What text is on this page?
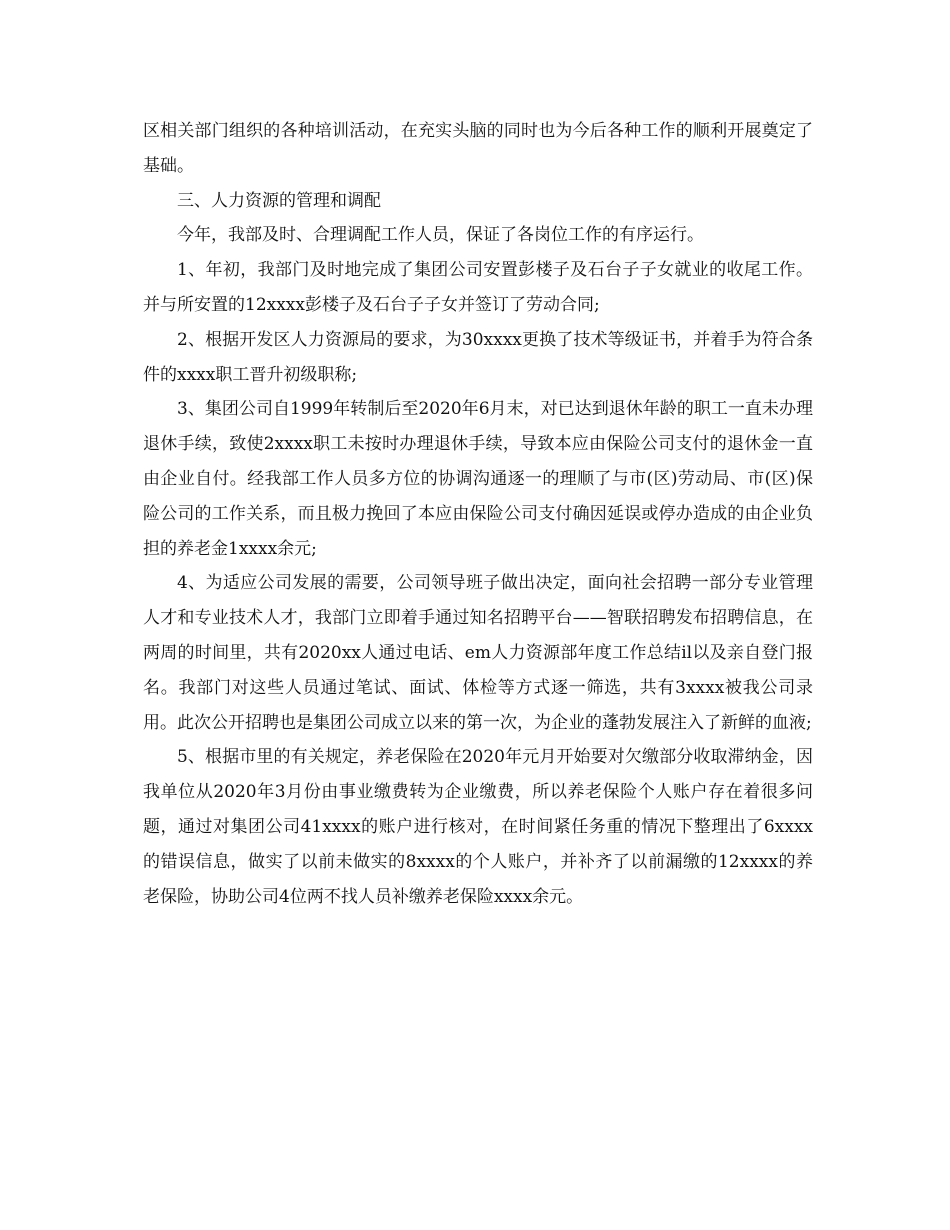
区相关部门组织的各种培训活动，在充实头脑的同时也为今后各种工作的顺利开展奠定了基础。

三、人力资源的管理和调配

今年，我部及时、合理调配工作人员，保证了各岗位工作的有序运行。

1、年初，我部门及时地完成了集团公司安置彭楼子及石台子子女就业的收尾工作。并与所安置的12xxxx彭楼子及石台子子女并签订了劳动合同;

2、根据开发区人力资源局的要求，为30xxxx更换了技术等级证书，并着手为符合条件的xxxx职工晋升初级职称;

3、集团公司自1999年转制后至2020年6月末，对已达到退休年龄的职工一直未办理退休手续，致使2xxxx职工未按时办理退休手续，导致本应由保险公司支付的退休金一直由企业自付。经我部工作人员多方位的协调沟通逐一的理顺了与市(区)劳动局、市(区)保险公司的工作关系，而且极力挽回了本应由保险公司支付确因延误或停办造成的由企业负担的养老金1xxxx余元;

4、为适应公司发展的需要，公司领导班子做出决定，面向社会招聘一部分专业管理人才和专业技术人才，我部门立即着手通过知名招聘平台——智联招聘发布招聘信息，在两周的时间里，共有2020xx人通过电话、em人力资源部年度工作总结il以及亲自登门报名。我部门对这些人员通过笔试、面试、体检等方式逐一筛选，共有3xxxx被我公司录用。此次公开招聘也是集团公司成立以来的第一次，为企业的蓬勃发展注入了新鲜的血液;

5、根据市里的有关规定，养老保险在2020年元月开始要对欠缴部分收取滞纳金，因我单位从2020年3月份由事业缴费转为企业缴费，所以养老保险个人账户存在着很多问题，通过对集团公司41xxxx的账户进行核对，在时间紧任务重的情况下整理出了6xxxx的错误信息，做实了以前未做实的8xxxx的个人账户，并补齐了以前漏缴的12xxxx的养老保险，协助公司4位两不找人员补缴养老保险xxxx余元。
